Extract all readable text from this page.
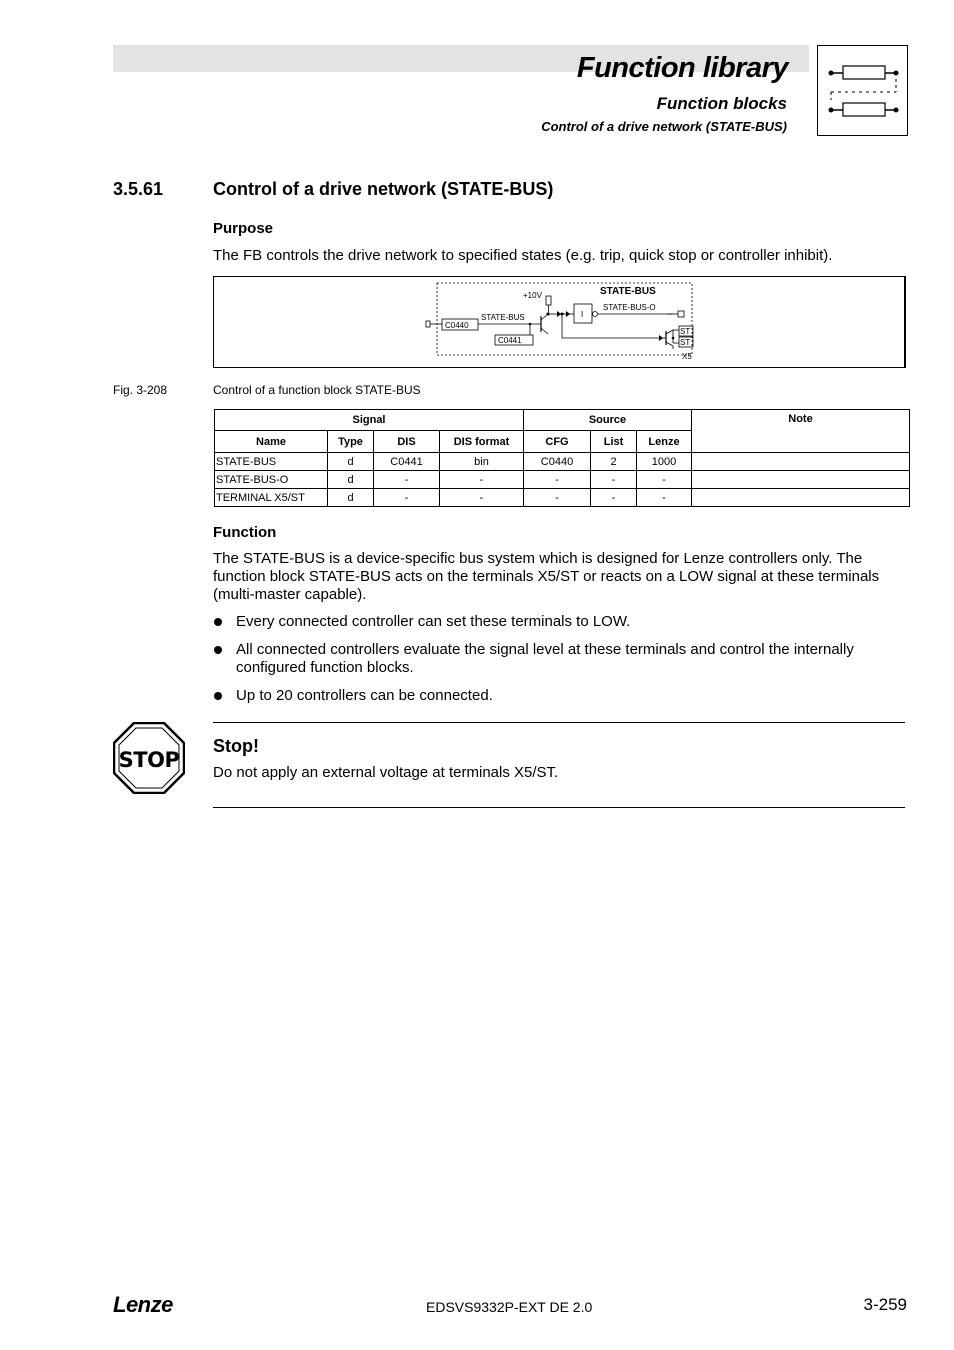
Function library
Function blocks
Control of a drive network (STATE-BUS)
3.5.61	Control of a drive network (STATE-BUS)
Purpose
The FB controls the drive network to specified states (e.g. trip, quick stop or controller inhibit).
STATE-BUS
+10V
C0440
STATE-BUS
C0441
I
STATE-BUS-O
ST
ST
X5
Fig. 3-208	Control of a function block STATE-BUS
Signal				Source			Note
Name	Type	DIS	DIS format	CFG	List	Lenze	
STATE-BUS	d	C0441	bin	C0440	2	1000	
STATE-BUS-O	d	-	-	-	-	-	
TERMINAL X5/ST	d	-	-	-	-	-	
Function
The STATE-BUS is a device-specific bus system which is designed for Lenze controllers only. The function block STATE-BUS acts on the terminals X5/ST or reacts on a LOW signal at these terminals (multi-master capable).
Every connected controller can set these terminals to LOW.
All connected controllers evaluate the signal level at these terminals and control the internally configured function blocks.
Up to 20 controllers can be connected.
STOP
Stop!
Do not apply an external voltage at terminals X5/ST.
Lenze	EDSVS9332P-EXT DE 2.0	3-259
